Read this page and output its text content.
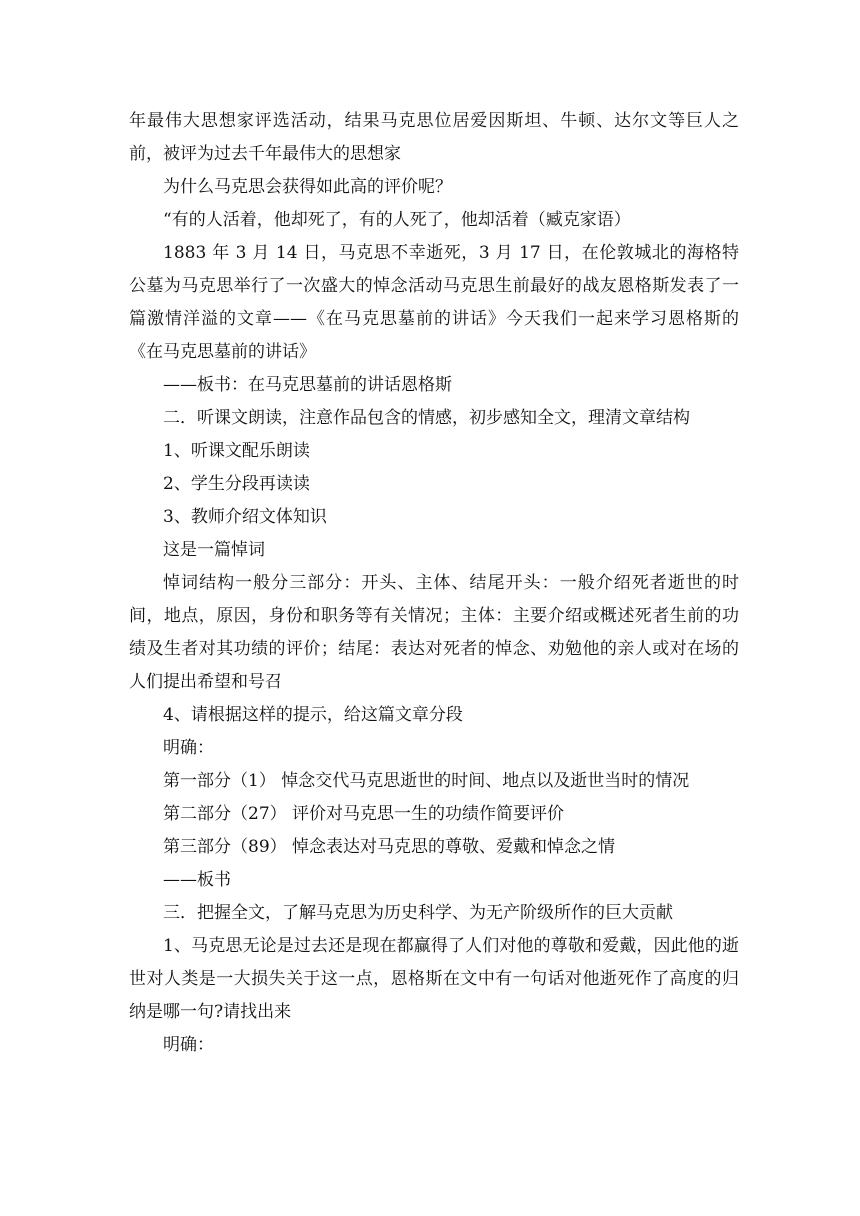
年最伟大思想家评选活动，结果马克思位居爱因斯坦、牛顿、达尔文等巨人之前，被评为过去千年最伟大的思想家

为什么马克思会获得如此高的评价呢？

“有的人活着，他却死了，有的人死了，他却活着（臧克家语）

1883 年 3 月 14 日，马克思不幸逝死，3 月 17 日，在伦敦城北的海格特公墓为马克思举行了一次盛大的悼念活动马克思生前最好的战友恩格斯发表了一篇激情洋溢的文章——《在马克思墓前的讲话》今天我们一起来学习恩格斯的《在马克思墓前的讲话》

——板书：在马克思墓前的讲话恩格斯

二．听课文朗读，注意作品包含的情感，初步感知全文，理清文章结构

1、听课文配乐朗读

2、学生分段再读读

3、教师介绍文体知识

这是一篇悼词

悼词结构一般分三部分：开头、主体、结尾开头：一般介绍死者逝世的时间，地点，原因，身份和职务等有关情况；主体：主要介绍或概述死者生前的功绩及生者对其功绩的评价；结尾：表达对死者的悼念、劝勉他的亲人或对在场的人们提出希望和号召

4、请根据这样的提示，给这篇文章分段

明确：

第一部分（1） 悼念交代马克思逝世的时间、地点以及逝世当时的情况

第二部分（27） 评价对马克思一生的功绩作简要评价

第三部分（89） 悼念表达对马克思的尊敬、爱戴和悼念之情

——板书

三．把握全文，了解马克思为历史科学、为无产阶级所作的巨大贡献

1、马克思无论是过去还是现在都赢得了人们对他的尊敬和爱戴，因此他的逝世对人类是一大损失关于这一点，恩格斯在文中有一句话对他逝死作了高度的归纳是哪一句?请找出来

明确：
